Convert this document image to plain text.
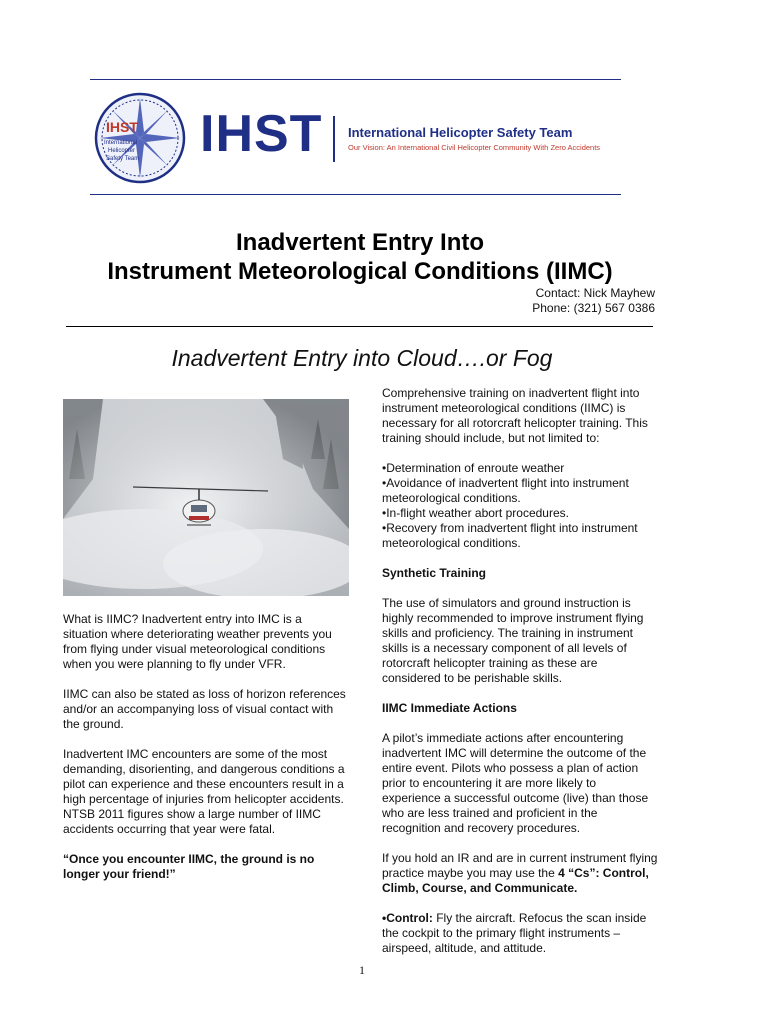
IHST
International
Helicopter
Safety Team IHST International Helicopter Safety Team
Our Vision: An International Civil Helicopter Community With Zero Accidents
Inadvertent Entry Into
Instrument Meteorological Conditions (IIMC)
Contact: Nick Mayhew
Phone: (321) 567 0386
Inadvertent Entry into Cloud….or Fog

What is IIMC? Inadvertent entry into IMC is a situation where deteriorating weather prevents you from flying under visual meteorological conditions when you were planning to fly under VFR.

IIMC can also be stated as loss of horizon references and/or an accompanying loss of visual contact with the ground.

Inadvertent IMC encounters are some of the most demanding, disorienting, and dangerous conditions a pilot can experience and these encounters result in a high percentage of injuries from helicopter accidents. NTSB 2011 figures show a large number of IIMC accidents occurring that year were fatal.

“Once you encounter IIMC, the ground is no longer your friend!”

Comprehensive training on inadvertent flight into instrument meteorological conditions (IIMC) is necessary for all rotorcraft helicopter training. This training should include, but not limited to:

•Determination of enroute weather
•Avoidance of inadvertent flight into instrument meteorological conditions.
•In-flight weather abort procedures.
•Recovery from inadvertent flight into instrument meteorological conditions.

Synthetic Training

The use of simulators and ground instruction is highly recommended to improve instrument flying skills and proficiency. The training in instrument skills is a necessary component of all levels of rotorcraft helicopter training as these are considered to be perishable skills.

IIMC Immediate Actions

A pilot’s immediate actions after encountering inadvertent IMC will determine the outcome of the entire event. Pilots who possess a plan of action prior to encountering it are more likely to experience a successful outcome (live) than those who are less trained and proficient in the recognition and recovery procedures.

If you hold an IR and are in current instrument flying practice maybe you may use the 4 “Cs”: Control, Climb, Course, and Communicate.

•Control: Fly the aircraft. Refocus the scan inside the cockpit to the primary flight instruments – airspeed, altitude, and attitude.

1
